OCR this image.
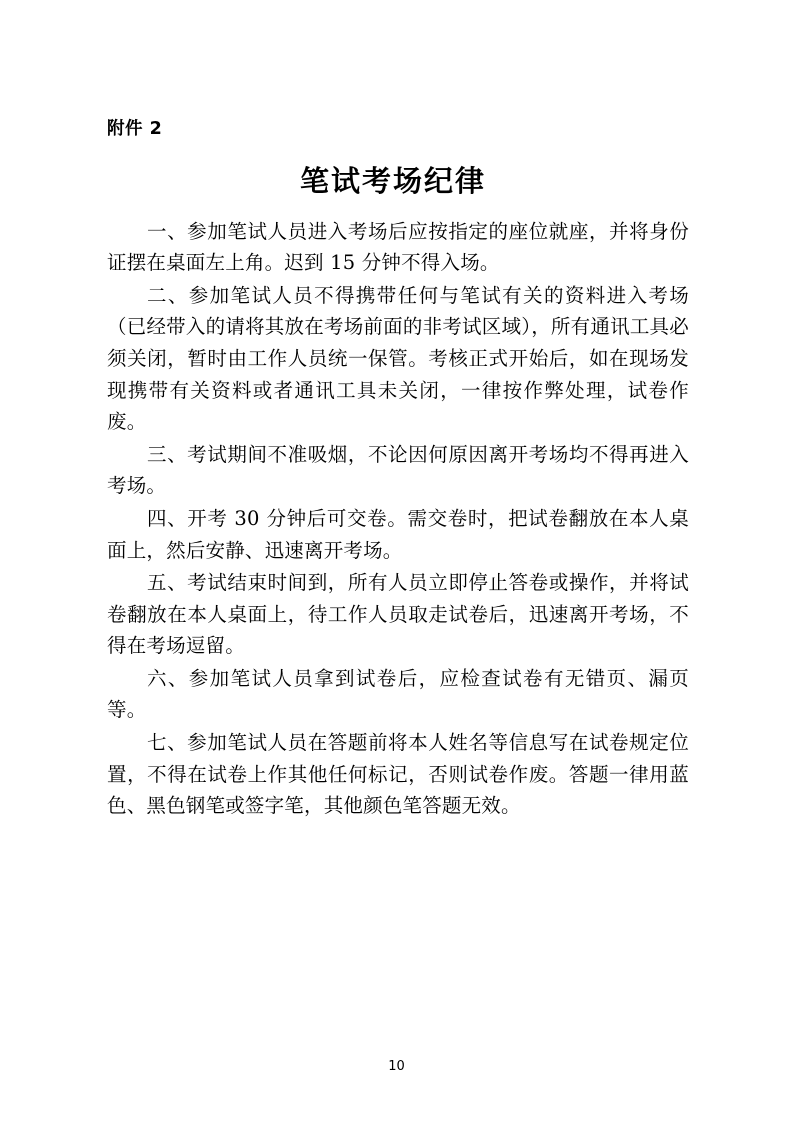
附件 2
笔试考场纪律

一、参加笔试人员进入考场后应按指定的座位就座，并将身份证摆在桌面左上角。迟到 15 分钟不得入场。

二、参加笔试人员不得携带任何与笔试有关的资料进入考场（已经带入的请将其放在考场前面的非考试区域），所有通讯工具必须关闭，暂时由工作人员统一保管。考核正式开始后，如在现场发现携带有关资料或者通讯工具未关闭，一律按作弊处理，试卷作废。

三、考试期间不准吸烟，不论因何原因离开考场均不得再进入考场。

四、开考 30 分钟后可交卷。需交卷时，把试卷翻放在本人桌面上，然后安静、迅速离开考场。

五、考试结束时间到，所有人员立即停止答卷或操作，并将试卷翻放在本人桌面上，待工作人员取走试卷后，迅速离开考场，不得在考场逗留。

六、参加笔试人员拿到试卷后，应检查试卷有无错页、漏页等。

七、参加笔试人员在答题前将本人姓名等信息写在试卷规定位置，不得在试卷上作其他任何标记，否则试卷作废。答题一律用蓝色、黑色钢笔或签字笔，其他颜色笔答题无效。

10
